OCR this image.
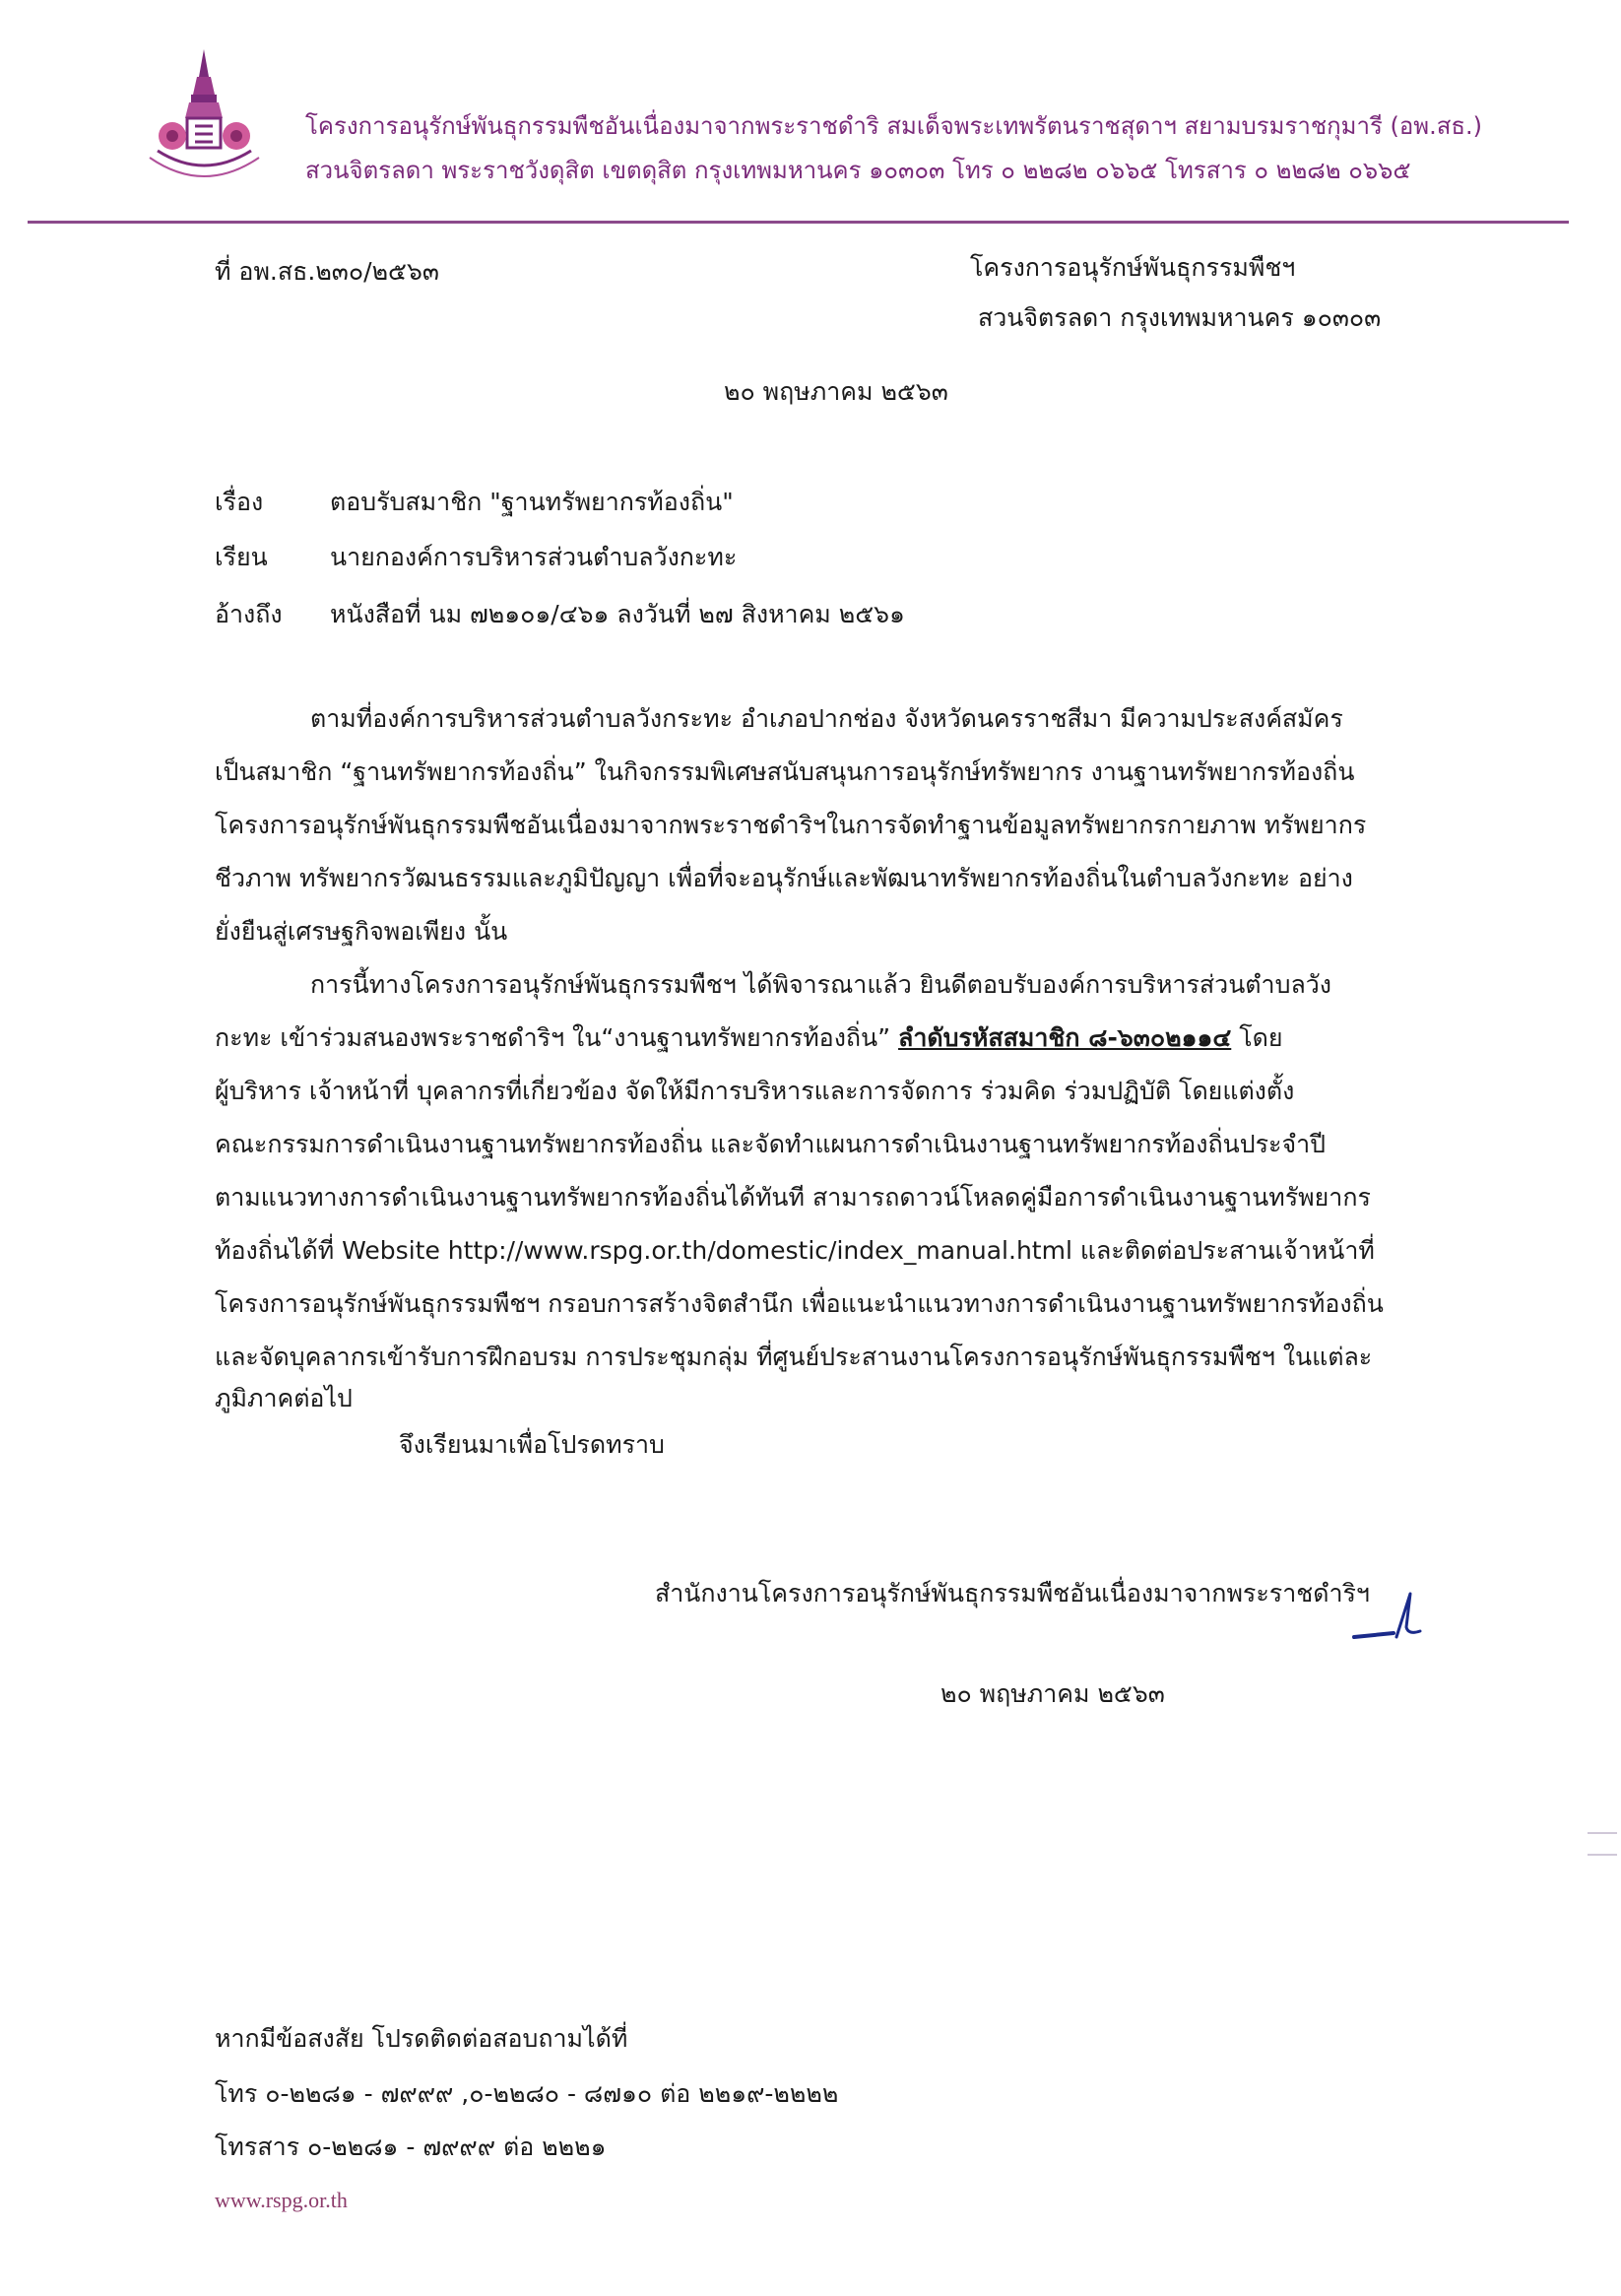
โครงการอนุรักษ์พันธุกรรมพืชอันเนื่องมาจากพระราชดำริ สมเด็จพระเทพรัตนราชสุดาฯ สยามบรมราชกุมารี (อพ.สธ.)
สวนจิตรลดา พระราชวังดุสิต เขตดุสิต กรุงเทพมหานคร ๑๐๓๐๓ โทร ๐ ๒๒๘๒ ๐๖๖๕ โทรสาร ๐ ๒๒๘๒ ๐๖๖๕
ที่ อพ.สธ.๒๓๐/๒๕๖๓	โครงการอนุรักษ์พันธุกรรมพืชฯ
สวนจิตรลดา กรุงเทพมหานคร ๑๐๓๐๓
๒๐ พฤษภาคม ๒๕๖๓
เรื่อง	ตอบรับสมาชิก "ฐานทรัพยากรท้องถิ่น"
เรียน	นายกองค์การบริหารส่วนตำบลวังกะทะ
อ้างถึง หนังสือที่ นม ๗๒๑๐๑/๔๖๑ ลงวันที่ ๒๗ สิงหาคม ๒๕๖๑
ตามที่องค์การบริหารส่วนตำบลวังกระทะ อำเภอปากช่อง จังหวัดนครราชสีมา มีความประสงค์สมัคร
เป็นสมาชิก “ฐานทรัพยากรท้องถิ่น” ในกิจกรรมพิเศษสนับสนุนการอนุรักษ์ทรัพยากร งานฐานทรัพยากรท้องถิ่น
โครงการอนุรักษ์พันธุกรรมพืชอันเนื่องมาจากพระราชดำริฯในการจัดทำฐานข้อมูลทรัพยากรกายภาพ ทรัพยากร
ชีวภาพ ทรัพยากรวัฒนธรรมและภูมิปัญญา เพื่อที่จะอนุรักษ์และพัฒนาทรัพยากรท้องถิ่นในตำบลวังกะทะ อย่าง
ยั่งยืนสู่เศรษฐกิจพอเพียง นั้น
การนี้ทางโครงการอนุรักษ์พันธุกรรมพืชฯ ได้พิจารณาแล้ว ยินดีตอบรับองค์การบริหารส่วนตำบลวัง
กะทะ เข้าร่วมสนองพระราชดำริฯ ใน“งานฐานทรัพยากรท้องถิ่น” ลำดับรหัสสมาชิก ๘-๖๓๐๒๑๑๔ โดย
ผู้บริหาร เจ้าหน้าที่ บุคลากรที่เกี่ยวข้อง จัดให้มีการบริหารและการจัดการ ร่วมคิด ร่วมปฏิบัติ โดยแต่งตั้ง
คณะกรรมการดำเนินงานฐานทรัพยากรท้องถิ่น และจัดทำแผนการดำเนินงานฐานทรัพยากรท้องถิ่นประจำปี
ตามแนวทางการดำเนินงานฐานทรัพยากรท้องถิ่นได้ทันที สามารถดาวน์โหลดคู่มือการดำเนินงานฐานทรัพยากร
ท้องถิ่นได้ที่ Website http://www.rspg.or.th/domestic/index_manual.html และติดต่อประสานเจ้าหน้าที่
โครงการอนุรักษ์พันธุกรรมพืชฯ กรอบการสร้างจิตสำนึก เพื่อแนะนำแนวทางการดำเนินงานฐานทรัพยากรท้องถิ่น
และจัดบุคลากรเข้ารับการฝึกอบรม การประชุมกลุ่ม ที่ศูนย์ประสานงานโครงการอนุรักษ์พันธุกรรมพืชฯ ในแต่ละ
ภูมิภาคต่อไป
จึงเรียนมาเพื่อโปรดทราบ
สำนักงานโครงการอนุรักษ์พันธุกรรมพืชอันเนื่องมาจากพระราชดำริฯ
๒๐ พฤษภาคม ๒๕๖๓
หากมีข้อสงสัย โปรดติดต่อสอบถามได้ที่
โทร ๐-๒๒๘๑ - ๗๙๙๙ ,๐-๒๒๘๐ - ๘๗๑๐ ต่อ ๒๒๑๙-๒๒๒๒
โทรสาร ๐-๒๒๘๑ - ๗๙๙๙ ต่อ ๒๒๒๑
www.rspg.or.th
